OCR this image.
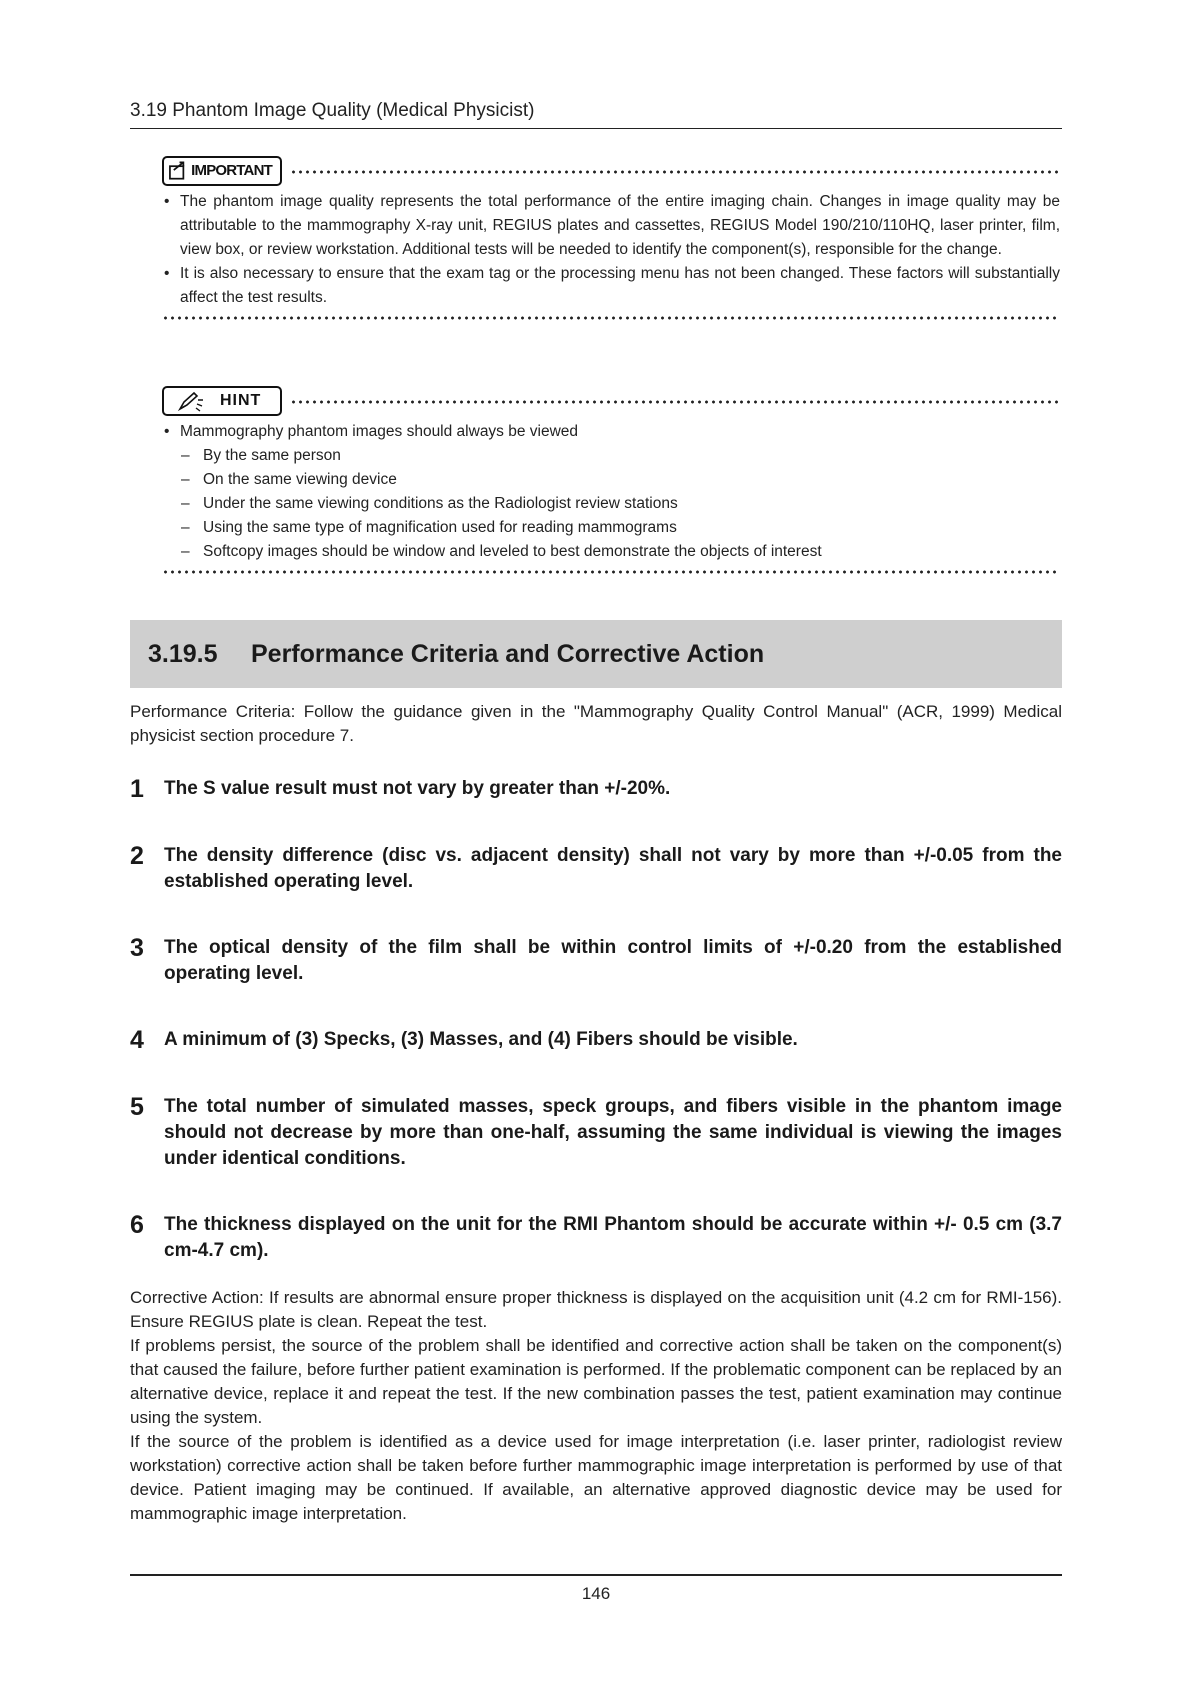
3.19 Phantom Image Quality (Medical Physicist)
IMPORTANT
• The phantom image quality represents the total performance of the entire imaging chain. Changes in image quality may be attributable to the mammography X-ray unit, REGIUS plates and cassettes, REGIUS Model 190/210/110HQ, laser printer, film, view box, or review workstation. Additional tests will be needed to identify the component(s), responsible for the change.
• It is also necessary to ensure that the exam tag or the processing menu has not been changed. These factors will substantially affect the test results.
HINT
• Mammography phantom images should always be viewed
– By the same person
– On the same viewing device
– Under the same viewing conditions as the Radiologist review stations
– Using the same type of magnification used for reading mammograms
– Softcopy images should be window and leveled to best demonstrate the objects of interest
3.19.5	Performance Criteria and Corrective Action
Performance Criteria: Follow the guidance given in the "Mammography Quality Control Manual" (ACR, 1999) Medical physicist section procedure 7.
1	The S value result must not vary by greater than +/-20%.
2	The density difference (disc vs. adjacent density) shall not vary by more than +/-0.05 from the established operating level.
3	The optical density of the film shall be within control limits of +/-0.20 from the established operating level.
4	A minimum of (3) Specks, (3) Masses, and (4) Fibers should be visible.
5	The total number of simulated masses, speck groups, and fibers visible in the phantom image should not decrease by more than one-half, assuming the same individual is viewing the images under identical conditions.
6	The thickness displayed on the unit for the RMI Phantom should be accurate within +/- 0.5 cm (3.7 cm-4.7 cm).

Corrective Action: If results are abnormal ensure proper thickness is displayed on the acquisition unit (4.2 cm for RMI-156). Ensure REGIUS plate is clean. Repeat the test.

If problems persist, the source of the problem shall be identified and corrective action shall be taken on the component(s) that caused the failure, before further patient examination is performed. If the problematic component can be replaced by an alternative device, replace it and repeat the test. If the new combination passes the test, patient examination may continue using the system.

If the source of the problem is identified as a device used for image interpretation (i.e. laser printer, radiologist review workstation) corrective action shall be taken before further mammographic image interpretation is performed by use of that device. Patient imaging may be continued. If available, an alternative approved diagnostic device may be used for mammographic image interpretation.

146
